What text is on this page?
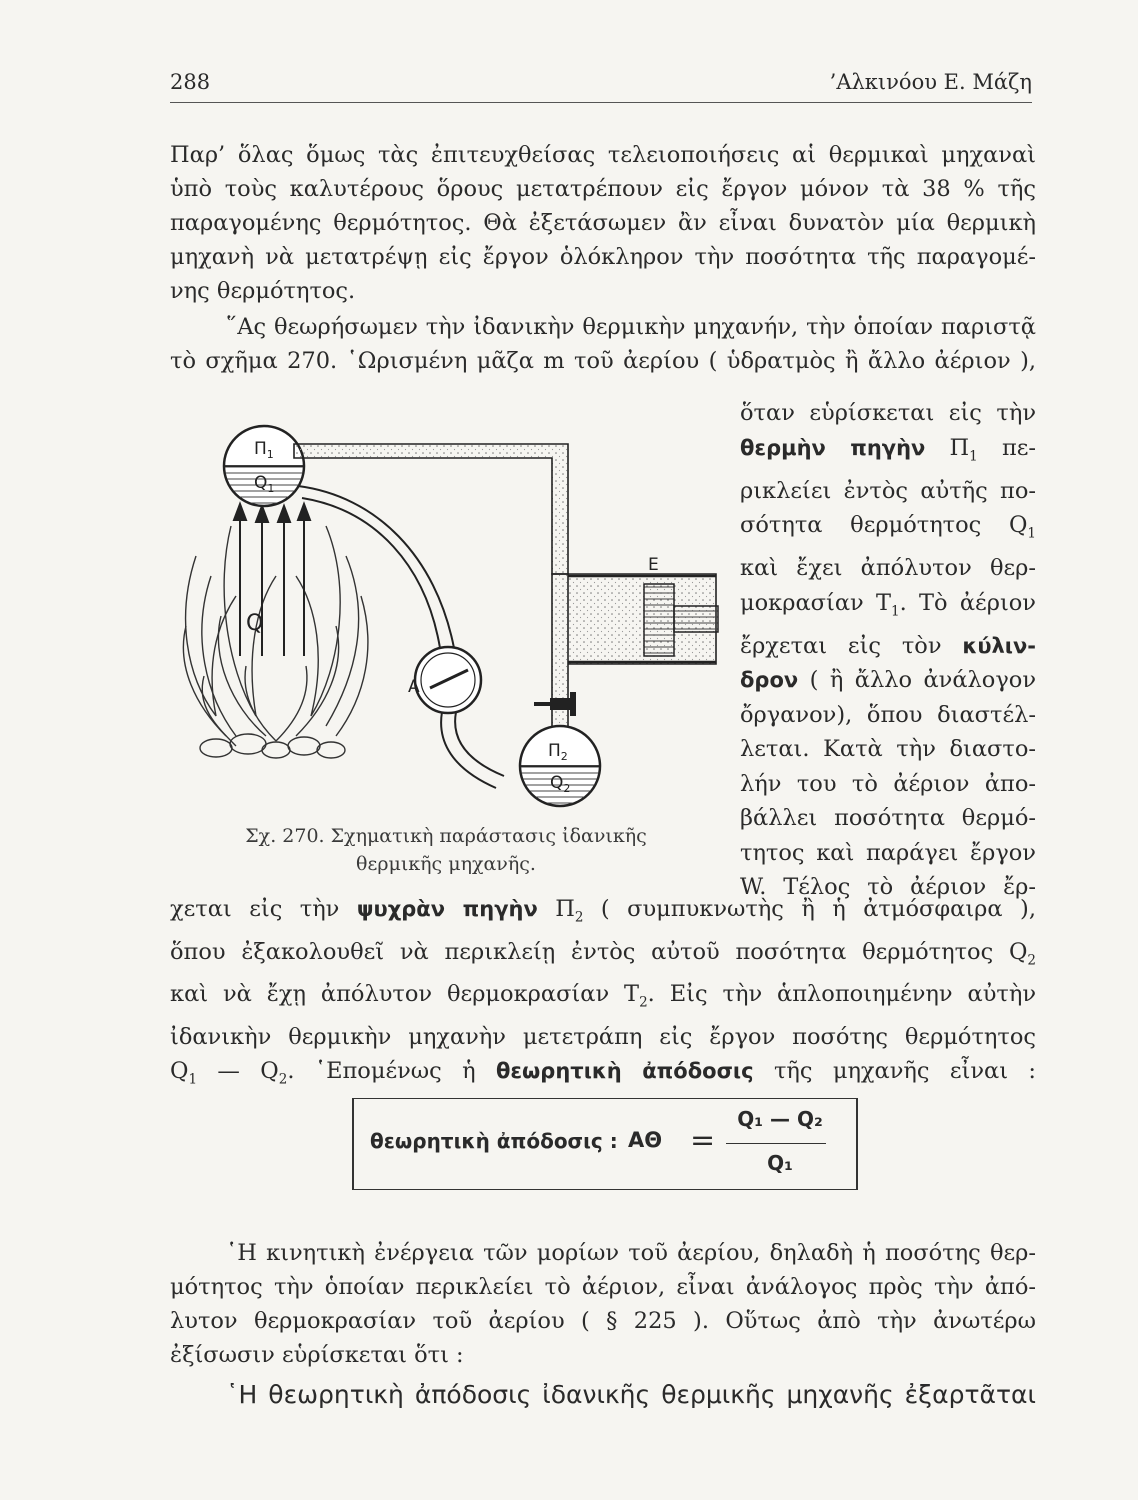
288	’Αλκινόου Ε. Μάζη
Παρ’ ὅλας ὅμως τὰς ἐπιτευχθείσας τελειοποιήσεις αἱ θερμικαὶ μηχαναὶ
ὑπὸ τοὺς καλυτέρους ὅρους μετατρέπουν εἰς ἔργον μόνον τὰ 38 % τῆς
παραγομένης θερμότητος. Θὰ ἐξετάσωμεν ἂν εἶναι δυνατὸν μία θερμικὴ
μηχανὴ νὰ μετατρέψῃ εἰς ἔργον ὁλόκληρον τὴν ποσότητα τῆς παραγομέ-
νης θερμότητος.
῞Ας θεωρήσωμεν τὴν ἰδανικὴν θερμικὴν μηχανήν, τὴν ὁποίαν παριστᾷ
τὸ σχῆμα 270. ῾Ωρισμένη μᾶζα m τοῦ ἀερίου ( ὑδρατμὸς ἢ ἄλλο ἀέριον ),
ὅταν εὑρίσκεται εἰς τὴν
θερμὴν πηγὴν $\Pi_1$ πε-
ρικλείει ἐντὸς αὐτῆς πο-
σότητα θερμότητος $Q_1$
καὶ ἔχει ἀπόλυτον θερ-
μοκρασίαν $T_1$. Τὸ ἀέριον
ἔρχεται εἰς τὸν κύλιν-
δρον ( ἢ ἄλλο ἀνάλογον
ὄργανον), ὅπου διαστέλ-
λεται. Κατὰ τὴν διαστο-
λήν του τὸ ἀέριον ἀπο-
βάλλει ποσότητα θερμό-
τητος καὶ παράγει ἔργον
W. Τέλος τὸ ἀέριον ἔρ-
Q
$\Pi_1$
$Q_1$
E
A
$\Pi_2$
$Q_2$
Σχ. 270. Σχηματικὴ παράστασις ἰδανικῆς
θερμικῆς μηχανῆς.
χεται εἰς τὴν ψυχρὰν πηγὴν $\Pi_2$ ( συμπυκνωτὴς ἢ ἡ ἀτμόσφαιρα ),
ὅπου ἐξακολουθεῖ νὰ περικλείῃ ἐντὸς αὐτοῦ ποσότητα θερμότητος $Q_2$
καὶ νὰ ἔχῃ ἀπόλυτον θερμοκρασίαν $T_2$. Εἰς τὴν ἁπλοποιημένην αὐτὴν
ἰδανικὴν θερμικὴν μηχανὴν μετετράπη εἰς ἔργον ποσότης θερμότητος
$Q_1$ — $Q_2$. ῾Επομένως ἡ θεωρητικὴ ἀπόδοσις τῆς μηχανῆς εἶναι :
θεωρητικὴ ἀπόδοσις : ΑΘ =
Q₁ — Q₂
Q₁
῾Η κινητικὴ ἐνέργεια τῶν μορίων τοῦ ἀερίου, δηλαδὴ ἡ ποσότης θερ-
μότητος τὴν ὁποίαν περικλείει τὸ ἀέριον, εἶναι ἀνάλογος πρὸς τὴν ἀπό-
λυτον θερμοκρασίαν τοῦ ἀερίου ( § 225 ). Οὕτως ἀπὸ τὴν ἀνωτέρω
ἐξίσωσιν εὑρίσκεται ὅτι :
῾Η θεωρητικὴ ἀπόδοσις ἰδανικῆς θερμικῆς μηχανῆς ἐξαρτᾶται
